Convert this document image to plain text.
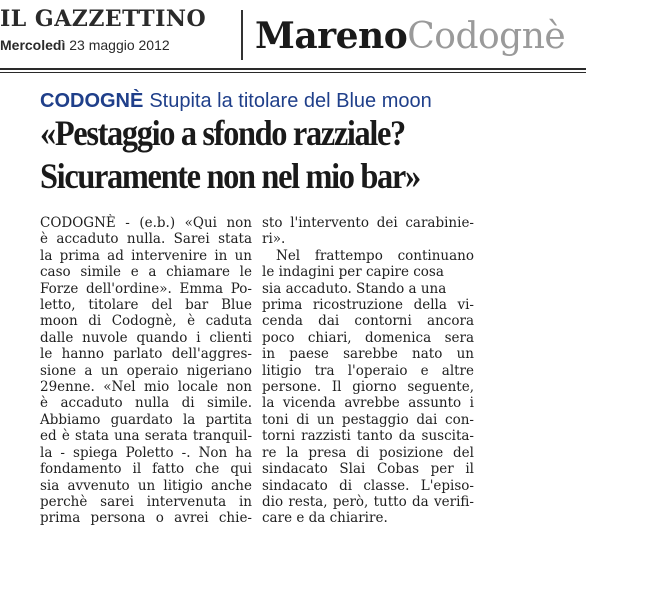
IL GAZZETTINO
Mercoledì 23 maggio 2012 MarenoCodognè
CODOGNÈ Stupita la titolare del Blue moon
«Pestaggio a sfondo razziale?
Sicuramente non nel mio bar»
CODOGNÈ - (e.b.) «Qui non
è accaduto nulla. Sarei stata
la prima ad intervenire in un
caso simile e a chiamare le
Forze dell'ordine». Emma Po-
letto, titolare del bar Blue
moon di Codognè, è caduta
dalle nuvole quando i clienti
le hanno parlato dell'aggres-
sione a un operaio nigeriano
29enne. «Nel mio locale non
è accaduto nulla di simile.
Abbiamo guardato la partita
ed è stata una serata tranquil-
la - spiega Poletto -. Non ha
fondamento il fatto che qui
sia avvenuto un litigio anche
perchè sarei intervenuta in
prima persona o avrei chie-
sto l'intervento dei carabinie-
ri».
Nel frattempo continuano
le indagini per capire cosa
sia accaduto. Stando a una
prima ricostruzione della vi-
cenda dai contorni ancora
poco chiari, domenica sera
in paese sarebbe nato un
litigio tra l'operaio e altre
persone. Il giorno seguente,
la vicenda avrebbe assunto i
toni di un pestaggio dai con-
torni razzisti tanto da suscita-
re la presa di posizione del
sindacato Slai Cobas per il
sindacato di classe. L'episo-
dio resta, però, tutto da verifi-
care e da chiarire.
